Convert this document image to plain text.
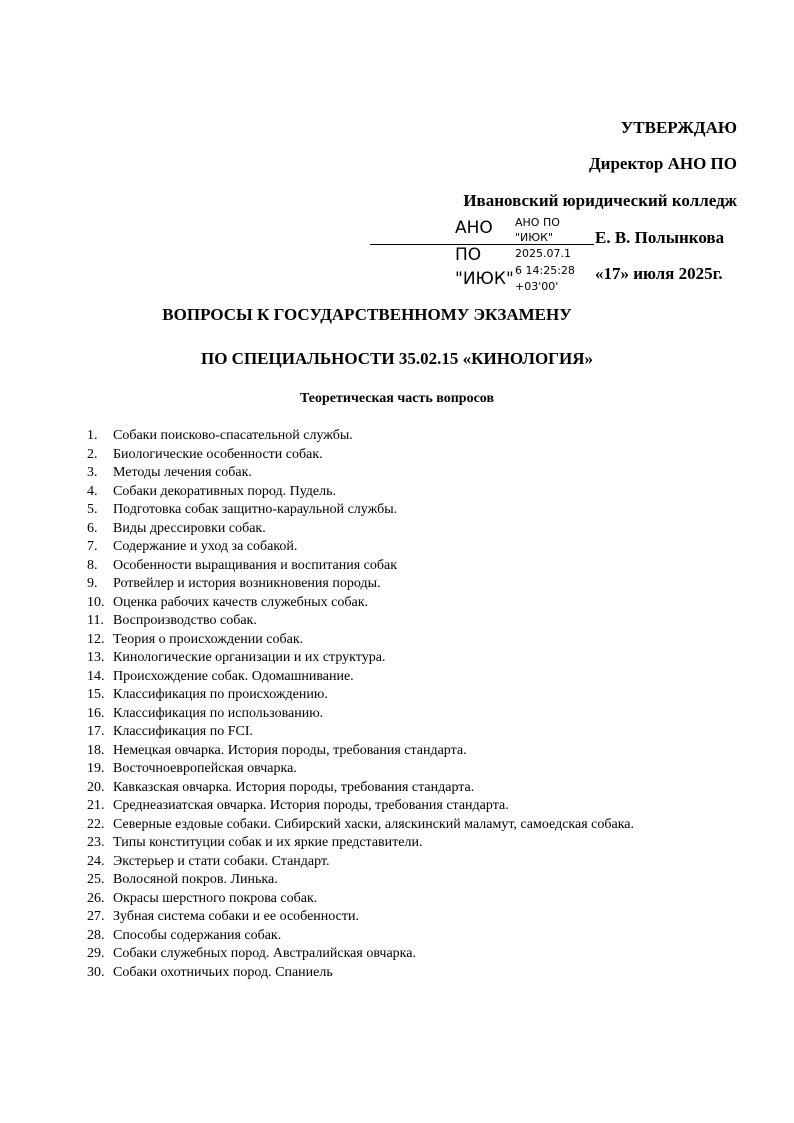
УТВЕРЖДАЮ
Директор АНО ПО
Ивановский юридический колледж
АНО
ПО
"ИЮК"
АНО ПО
"ИЮК"
2025.07.1
6 14:25:28
+03'00'
Е. В. Полынкова
«17» июля 2025г.
ВОПРОСЫ К ГОСУДАРСТВЕННОМУ ЭКЗАМЕНУ
ПО СПЕЦИАЛЬНОСТИ 35.02.15 «КИНОЛОГИЯ»
Теоретическая часть вопросов
1. Собаки поисково-спасательной службы.
2. Биологические особенности собак.
3. Методы лечения собак.
4. Собаки декоративных пород. Пудель.
5. Подготовка собак защитно-караульной службы.
6. Виды дрессировки собак.
7. Содержание и уход за собакой.
8. Особенности выращивания и воспитания собак
9. Ротвейлер и история возникновения породы.
10. Оценка рабочих качеств служебных собак.
11. Воспроизводство собак.
12. Теория о происхождении собак.
13. Кинологические организации и их структура.
14. Происхождение собак. Одомашнивание.
15. Классификация по происхождению.
16. Классификация по использованию.
17. Классификация по FCI.
18. Немецкая овчарка. История породы, требования стандарта.
19. Восточноевропейская овчарка.
20. Кавказская овчарка. История породы, требования стандарта.
21. Среднеазиатская овчарка. История породы, требования стандарта.
22. Северные ездовые собаки. Сибирский хаски, аляскинский маламут, самоедская собака.
23. Типы конституции собак и их яркие представители.
24. Экстерьер и стати собаки. Стандарт.
25. Волосяной покров. Линька.
26. Окрасы шерстного покрова собак.
27. Зубная система собаки и ее особенности.
28. Способы содержания собак.
29. Собаки служебных пород. Австралийская овчарка.
30. Собаки охотничьих пород. Спаниель
